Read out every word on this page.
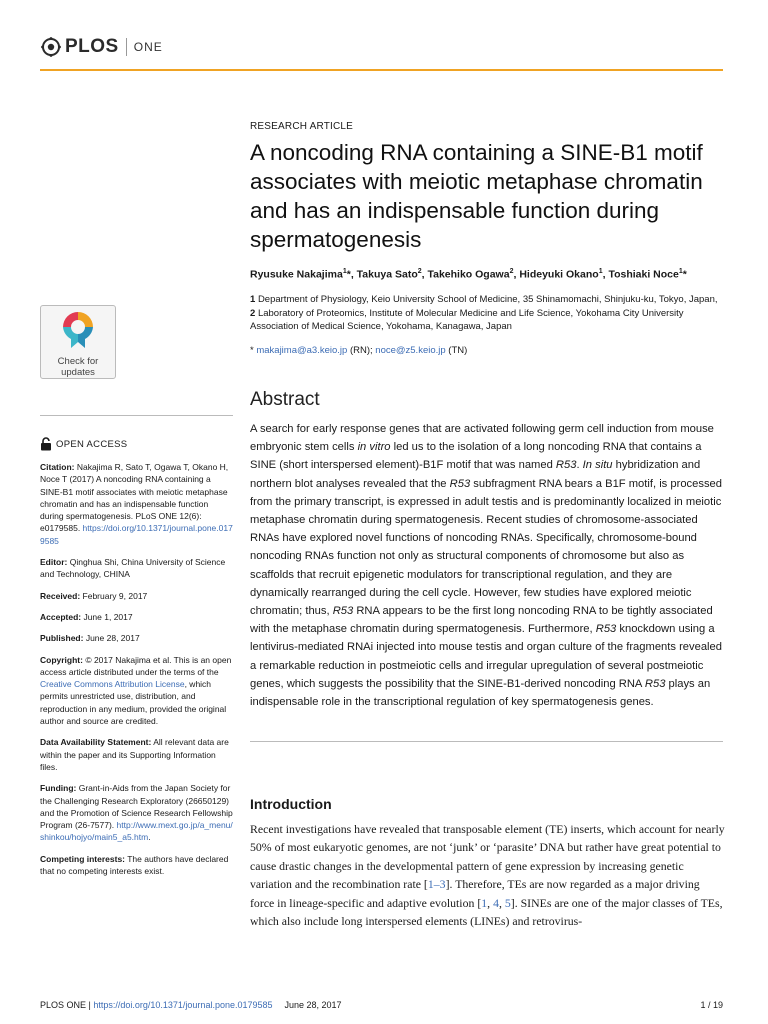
PLOS ONE
Check for
updates
RESEARCH ARTICLE
A noncoding RNA containing a SINE-B1 motif associates with meiotic metaphase chromatin and has an indispensable function during spermatogenesis
Ryusuke Nakajima$^1$*, Takuya Sato$^2$, Takehiko Ogawa$^2$, Hideyuki Okano$^1$, Toshiaki Noce$^1$*
1 Department of Physiology, Keio University School of Medicine, 35 Shinamomachi, Shinjuku-ku, Tokyo, Japan, 2 Laboratory of Proteomics, Institute of Molecular Medicine and Life Science, Yokohama City University Association of Medical Science, Yokohama, Kanagawa, Japan
* makajima@a3.keio.jp (RN); noce@z5.keio.jp (TN)
Abstract
A search for early response genes that are activated following germ cell induction from mouse embryonic stem cells in vitro led us to the isolation of a long noncoding RNA that contains a SINE (short interspersed element)-B1F motif that was named R53. In situ hybridization and northern blot analyses revealed that the R53 subfragment RNA bears a B1F motif, is processed from the primary transcript, is expressed in adult testis and is predominantly localized in meiotic metaphase chromatin during spermatogenesis. Recent studies of chromosome-associated RNAs have explored novel functions of noncoding RNAs. Specifically, chromosome-bound noncoding RNAs function not only as structural components of chromosome but also as scaffolds that recruit epigenetic modulators for transcriptional regulation, and they are dynamically rearranged during the cell cycle. However, few studies have explored meiotic chromatin; thus, R53 RNA appears to be the first long noncoding RNA to be tightly associated with the metaphase chromatin during spermatogenesis. Furthermore, R53 knockdown using a lentivirus-mediated RNAi injected into mouse testis and organ culture of the fragments revealed a remarkable reduction in postmeiotic cells and irregular upregulation of several postmeiotic genes, which suggests the possibility that the SINE-B1-derived noncoding RNA R53 plays an indispensable role in the transcriptional regulation of key spermatogenesis genes.
Introduction
Recent investigations have revealed that transposable element (TE) inserts, which account for nearly 50% of most eukaryotic genomes, are not ‘junk’ or ‘parasite’ DNA but rather have great potential to cause drastic changes in the developmental pattern of gene expression by increasing genetic variation and the recombination rate [1–3]. Therefore, TEs are now regarded as a major driving force in lineage-specific and adaptive evolution [1, 4, 5]. SINEs are one of the major classes of TEs, which also include long interspersed elements (LINEs) and retrovirus-
OPEN ACCESS
Citation: Nakajima R, Sato T, Ogawa T, Okano H, Noce T (2017) A noncoding RNA containing a SINE-B1 motif associates with meiotic metaphase chromatin and has an indispensable function during spermatogenesis. PLoS ONE 12(6): e0179585. https://doi.org/10.1371/journal.pone.0179585
Editor: Qinghua Shi, China University of Science and Technology, CHINA
Received: February 9, 2017
Accepted: June 1, 2017
Published: June 28, 2017
Copyright: © 2017 Nakajima et al. This is an open access article distributed under the terms of the Creative Commons Attribution License, which permits unrestricted use, distribution, and reproduction in any medium, provided the original author and source are credited.
Data Availability Statement: All relevant data are within the paper and its Supporting Information files.
Funding: Grant-in-Aids from the Japan Society for the Challenging Research Exploratory (26650129) and the Promotion of Science Research Fellowship Program (26-7577). http://www.mext.go.jp/a_menu/shinkou/hojyo/main5_a5.htm.
Competing interests: The authors have declared that no competing interests exist.
PLOS ONE | https://doi.org/10.1371/journal.pone.0179585 June 28, 2017	1 / 19
